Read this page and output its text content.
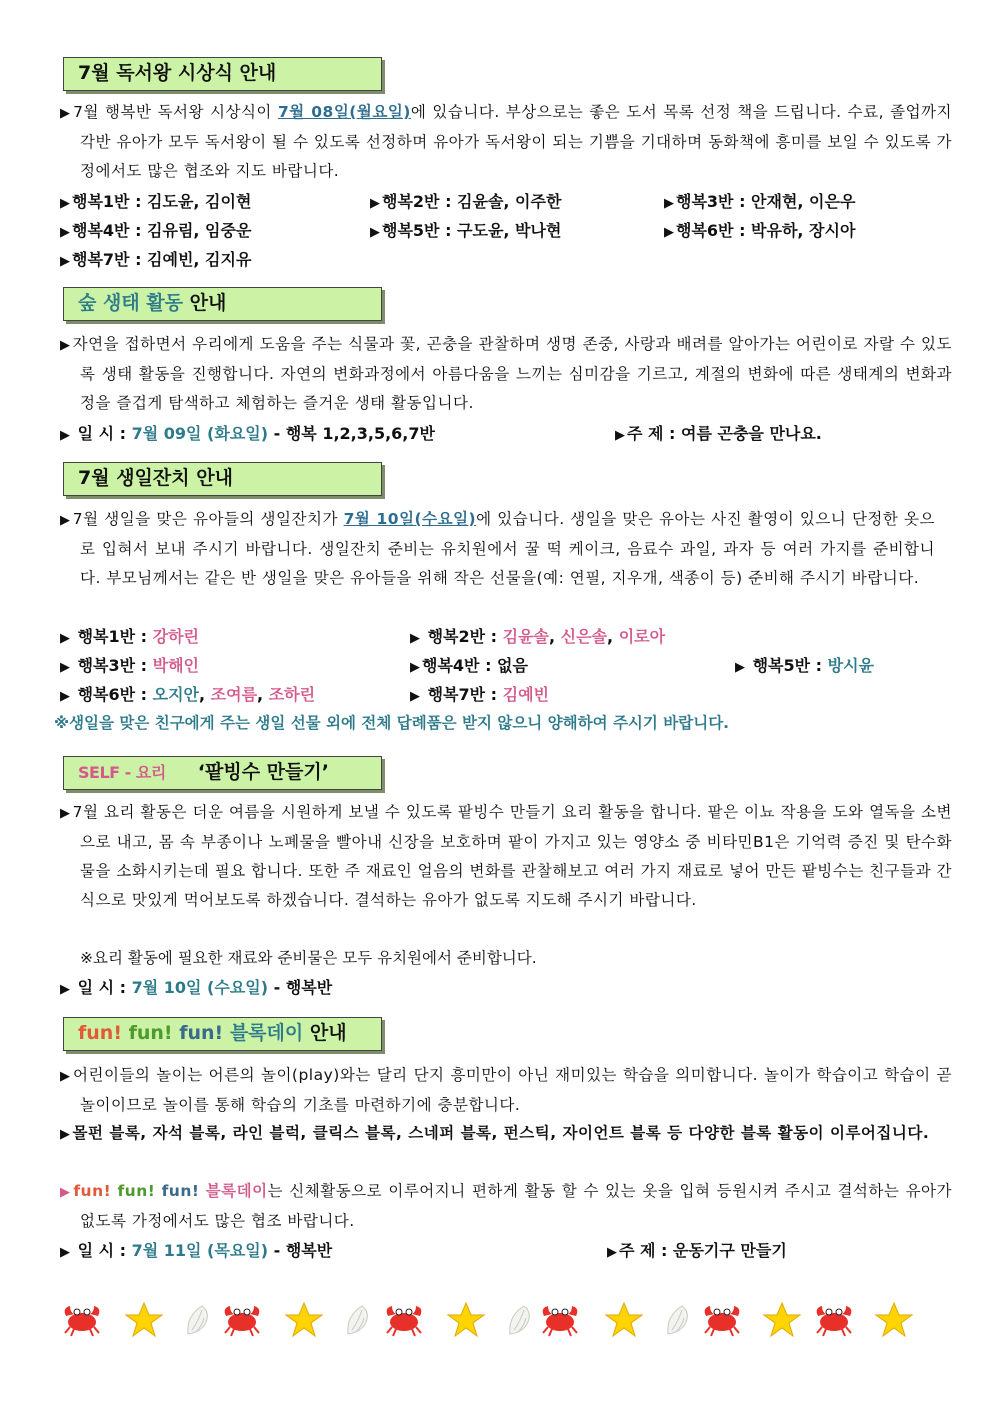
7월 독서왕 시상식 안내
▶ 7월 행복반 독서왕 시상식이 7월 08일(월요일)에 있습니다. 부상으로는 좋은 도서 목록 선정 책을 드립니다. 수료, 졸업까지 각반 유아가 모두 독서왕이 될 수 있도록 선정하며 유아가 독서왕이 되는 기쁨을 기대하며 동화책에 흥미를 보일 수 있도록 가정에서도 많은 협조와 지도 바랍니다.
▶ 행복1반 : 김도윤, 김이현	▶ 행복2반 : 김윤솔, 이주한	▶ 행복3반 : 안재현, 이은우
▶ 행복4반 : 김유림, 임중운	▶ 행복5반 : 구도윤, 박나현	▶ 행복6반 : 박유하, 장시아
▶ 행복7반 : 김예빈, 김지유
숲 생태 활동 안내
▶ 자연을 접하면서 우리에게 도움을 주는 식물과 꽃, 곤충을 관찰하며 생명 존중, 사랑과 배려를 알아가는 어린이로 자랄 수 있도록 생태 활동을 진행합니다. 자연의 변화과정에서 아름다움을 느끼는 심미감을 기르고, 계절의 변화에 따른 생태계의 변화과정을 즐겁게 탐색하고 체험하는 즐거운 생태 활동입니다.
▶ 일 시 : 7월 09일 (화요일) - 행복 1,2,3,5,6,7반	▶ 주 제 : 여름 곤충을 만나요.
7월 생일잔치 안내
▶ 7월 생일을 맞은 유아들의 생일잔치가 7월 10일(수요일)에 있습니다. 생일을 맞은 유아는 사진 촬영이 있으니 단정한 옷으로 입혀서 보내 주시기 바랍니다. 생일잔치 준비는 유치원에서 꿀 떡 케이크, 음료수 과일, 과자 등 여러 가지를 준비합니다. 부모님께서는 같은 반 생일을 맞은 유아들을 위해 작은 선물을(예: 연필, 지우개, 색종이 등) 준비해 주시기 바랍니다.
▶ 행복1반 : 강하린	▶ 행복2반 : 김윤솔, 신은솔, 이로아
▶ 행복3반 : 박해인	▶ 행복4반 : 없음	▶ 행복5반 : 방시윤
▶ 행복6반 : 오지안, 조여름, 조하린	▶ 행복7반 : 김예빈
※생일을 맞은 친구에게 주는 생일 선물 외에 전체 답례품은 받지 않으니 양해하여 주시기 바랍니다.
SELF - 요리 ‘팥빙수 만들기’
▶ 7월 요리 활동은 더운 여름을 시원하게 보낼 수 있도록 팥빙수 만들기 요리 활동을 합니다. 팥은 이뇨 작용을 도와 열독을 소변으로 내고, 몸 속 부종이나 노폐물을 빨아내 신장을 보호하며 팥이 가지고 있는 영양소 중 비타민B1은 기억력 증진 및 탄수화물을 소화시키는데 필요 합니다. 또한 주 재료인 얼음의 변화를 관찰해보고 여러 가지 재료로 넣어 만든 팥빙수는 친구들과 간식으로 맛있게 먹어보도록 하겠습니다. 결석하는 유아가 없도록 지도해 주시기 바랍니다.
※요리 활동에 필요한 재료와 준비물은 모두 유치원에서 준비합니다.
▶ 일 시 : 7월 10일 (수요일) - 행복반
fun! fun! fun! 블록데이 안내
▶ 어린이들의 놀이는 어른의 놀이(play)와는 달리 단지 흥미만이 아닌 재미있는 학습을 의미합니다. 놀이가 학습이고 학습이 곧 놀이이므로 놀이를 통해 학습의 기초를 마련하기에 충분합니다.
▶ 몰펀 블록, 자석 블록, 라인 블럭, 클릭스 블록, 스네퍼 블록, 펀스틱, 자이언트 블록 등 다양한 블록 활동이 이루어집니다.
▶ fun! fun! fun! 블록데이는 신체활동으로 이루어지니 편하게 활동 할 수 있는 옷을 입혀 등원시켜 주시고 결석하는 유아가 없도록 가정에서도 많은 협조 바랍니다.
▶ 일 시 : 7월 11일 (목요일) - 행복반	▶ 주 제 : 운동기구 만들기
